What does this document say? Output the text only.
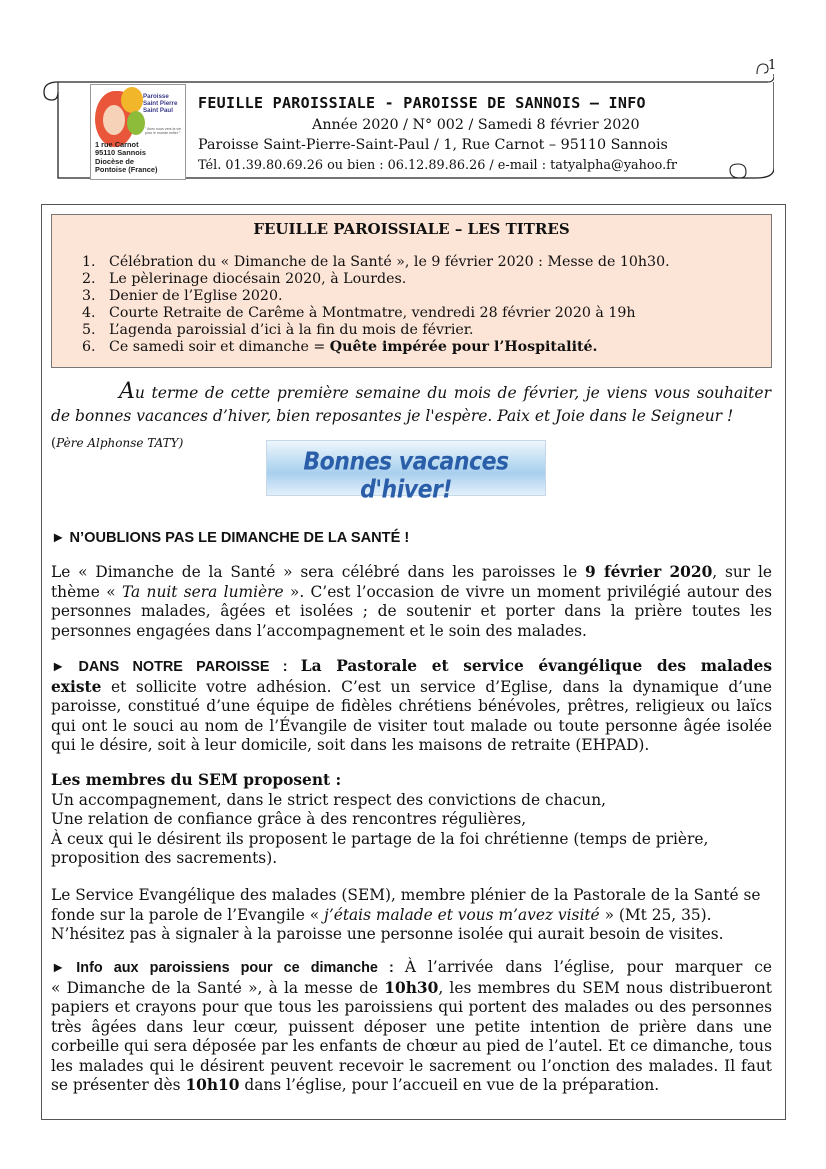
1
Paroisse
Saint Pierre
Saint Paul
" Avec nous vers la vie pour le monde entier "
1 rue Carnot
95110 Sannois
Diocèse de
Pontoise (France)
FEUILLE PAROISSIALE - PAROISSE DE SANNOIS – INFO
Année 2020 / N° 002 / Samedi 8 février 2020
Paroisse Saint-Pierre-Saint-Paul / 1, Rue Carnot – 95110 Sannois
Tél. 01.39.80.69.26 ou bien : 06.12.89.86.26 / e-mail : tatyalpha@yahoo.fr
FEUILLE PAROISSIALE – LES TITRES
1. Célébration du « Dimanche de la Santé », le 9 février 2020 : Messe de 10h30.
2. Le pèlerinage diocésain 2020, à Lourdes.
3. Denier de l’Eglise 2020.
4. Courte Retraite de Carême à Montmatre, vendredi 28 février 2020 à 19h
5. L’agenda paroissial d’ici à la fin du mois de février.
6. Ce samedi soir et dimanche = Quête impérée pour l’Hospitalité.
Au terme de cette première semaine du mois de février, je viens vous souhaiter
de bonnes vacances d’hiver, bien reposantes je l'espère. Paix et Joie dans le Seigneur !
(Père Alphonse TATY)
Bonnes vacances d'hiver!
► N’OUBLIONS PAS LE DIMANCHE DE LA SANTÉ !
Le « Dimanche de la Santé » sera célébré dans les paroisses le 9 février 2020, sur le
thème « Ta nuit sera lumière ». C’est l’occasion de vivre un moment privilégié autour des
personnes malades, âgées et isolées ; de soutenir et porter dans la prière toutes les
personnes engagées dans l’accompagnement et le soin des malades.
► DANS NOTRE PAROISSE : La Pastorale et service évangélique des malades
existe et sollicite votre adhésion. C’est un service d’Eglise, dans la dynamique d’une
paroisse, constitué d’une équipe de fidèles chrétiens bénévoles, prêtres, religieux ou laïcs
qui ont le souci au nom de l’Évangile de visiter tout malade ou toute personne âgée isolée
qui le désire, soit à leur domicile, soit dans les maisons de retraite (EHPAD).
Les membres du SEM proposent :
Un accompagnement, dans le strict respect des convictions de chacun,
Une relation de confiance grâce à des rencontres régulières,
À ceux qui le désirent ils proposent le partage de la foi chrétienne (temps de prière,
proposition des sacrements).
Le Service Evangélique des malades (SEM), membre plénier de la Pastorale de la Santé se
fonde sur la parole de l’Evangile « j’étais malade et vous m’avez visité » (Mt 25, 35).
N’hésitez pas à signaler à la paroisse une personne isolée qui aurait besoin de visites.
► Info aux paroissiens pour ce dimanche : À l’arrivée dans l’église, pour marquer ce
« Dimanche de la Santé », à la messe de 10h30, les membres du SEM nous distribueront
papiers et crayons pour que tous les paroissiens qui portent des malades ou des personnes
très âgées dans leur cœur, puissent déposer une petite intention de prière dans une
corbeille qui sera déposée par les enfants de chœur au pied de l’autel. Et ce dimanche, tous
les malades qui le désirent peuvent recevoir le sacrement ou l’onction des malades. Il faut
se présenter dès 10h10 dans l’église, pour l’accueil en vue de la préparation.
